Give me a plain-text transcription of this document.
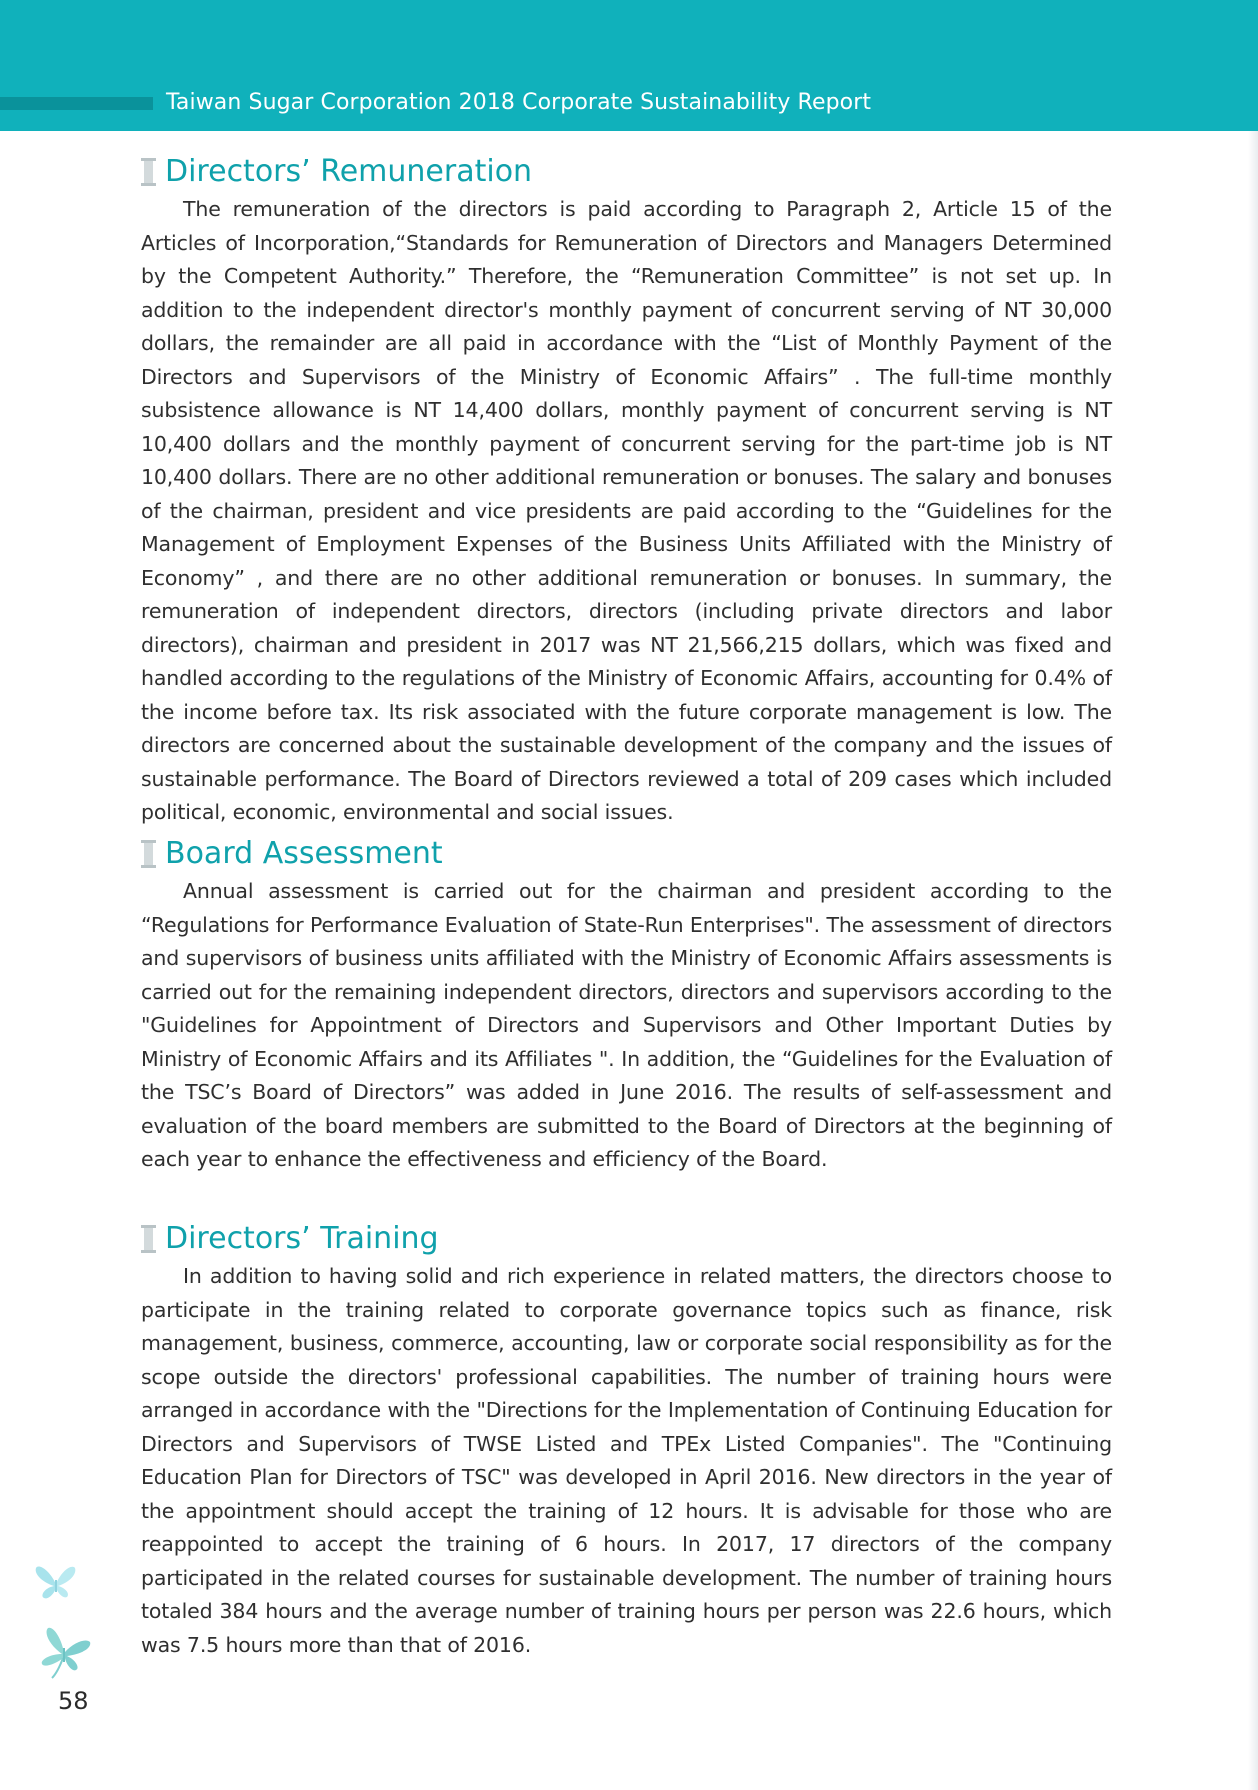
Taiwan Sugar Corporation 2018 Corporate Sustainability Report
Directors’ Remuneration

The remuneration of the directors is paid according to Paragraph 2, Article 15 of the Articles of Incorporation,“Standards for Remuneration of Directors and Managers Determined by the Competent Authority.” Therefore, the “Remuneration Committee” is not set up. In addition to the independent director's monthly payment of concurrent serving of NT 30,000 dollars, the remainder are all paid in accordance with the “List of Monthly Payment of the Directors and Supervisors of the Ministry of Economic Affairs” . The full-time monthly subsistence allowance is NT 14,400 dollars, monthly payment of concurrent serving is NT 10,400 dollars and the monthly payment of concurrent serving for the part-time job is NT 10,400 dollars. There are no other additional remuneration or bonuses. The salary and bonuses of the chairman, president and vice presidents are paid according to the “Guidelines for the Management of Employment Expenses of the Business Units Affiliated with the Ministry of Economy” , and there are no other additional remuneration or bonuses. In summary, the remuneration of independent directors, directors (including private directors and labor directors), chairman and president in 2017 was NT 21,566,215 dollars, which was fixed and handled according to the regulations of the Ministry of Economic Affairs, accounting for 0.4% of the income before tax. Its risk associated with the future corporate management is low. The directors are concerned about the sustainable development of the company and the issues of sustainable performance. The Board of Directors reviewed a total of 209 cases which included political, economic, environmental and social issues.

Board Assessment

Annual assessment is carried out for the chairman and president according to the “Regulations for Performance Evaluation of State-Run Enterprises". The assessment of directors and supervisors of business units affiliated with the Ministry of Economic Affairs assessments is carried out for the remaining independent directors, directors and supervisors according to the "Guidelines for Appointment of Directors and Supervisors and Other Important Duties by Ministry of Economic Affairs and its Affiliates ". In addition, the “Guidelines for the Evaluation of the TSC’s Board of Directors” was added in June 2016. The results of self-assessment and evaluation of the board members are submitted to the Board of Directors at the beginning of each year to enhance the effectiveness and efficiency of the Board.

Directors’ Training

In addition to having solid and rich experience in related matters, the directors choose to participate in the training related to corporate governance topics such as finance, risk management, business, commerce, accounting, law or corporate social responsibility as for the scope outside the directors' professional capabilities. The number of training hours were arranged in accordance with the "Directions for the Implementation of Continuing Education for Directors and Supervisors of TWSE Listed and TPEx Listed Companies". The "Continuing Education Plan for Directors of TSC" was developed in April 2016. New directors in the year of the appointment should accept the training of 12 hours. It is advisable for those who are reappointed to accept the training of 6 hours. In 2017, 17 directors of the company participated in the related courses for sustainable development. The number of training hours totaled 384 hours and the average number of training hours per person was 22.6 hours, which was 7.5 hours more than that of 2016.

58
